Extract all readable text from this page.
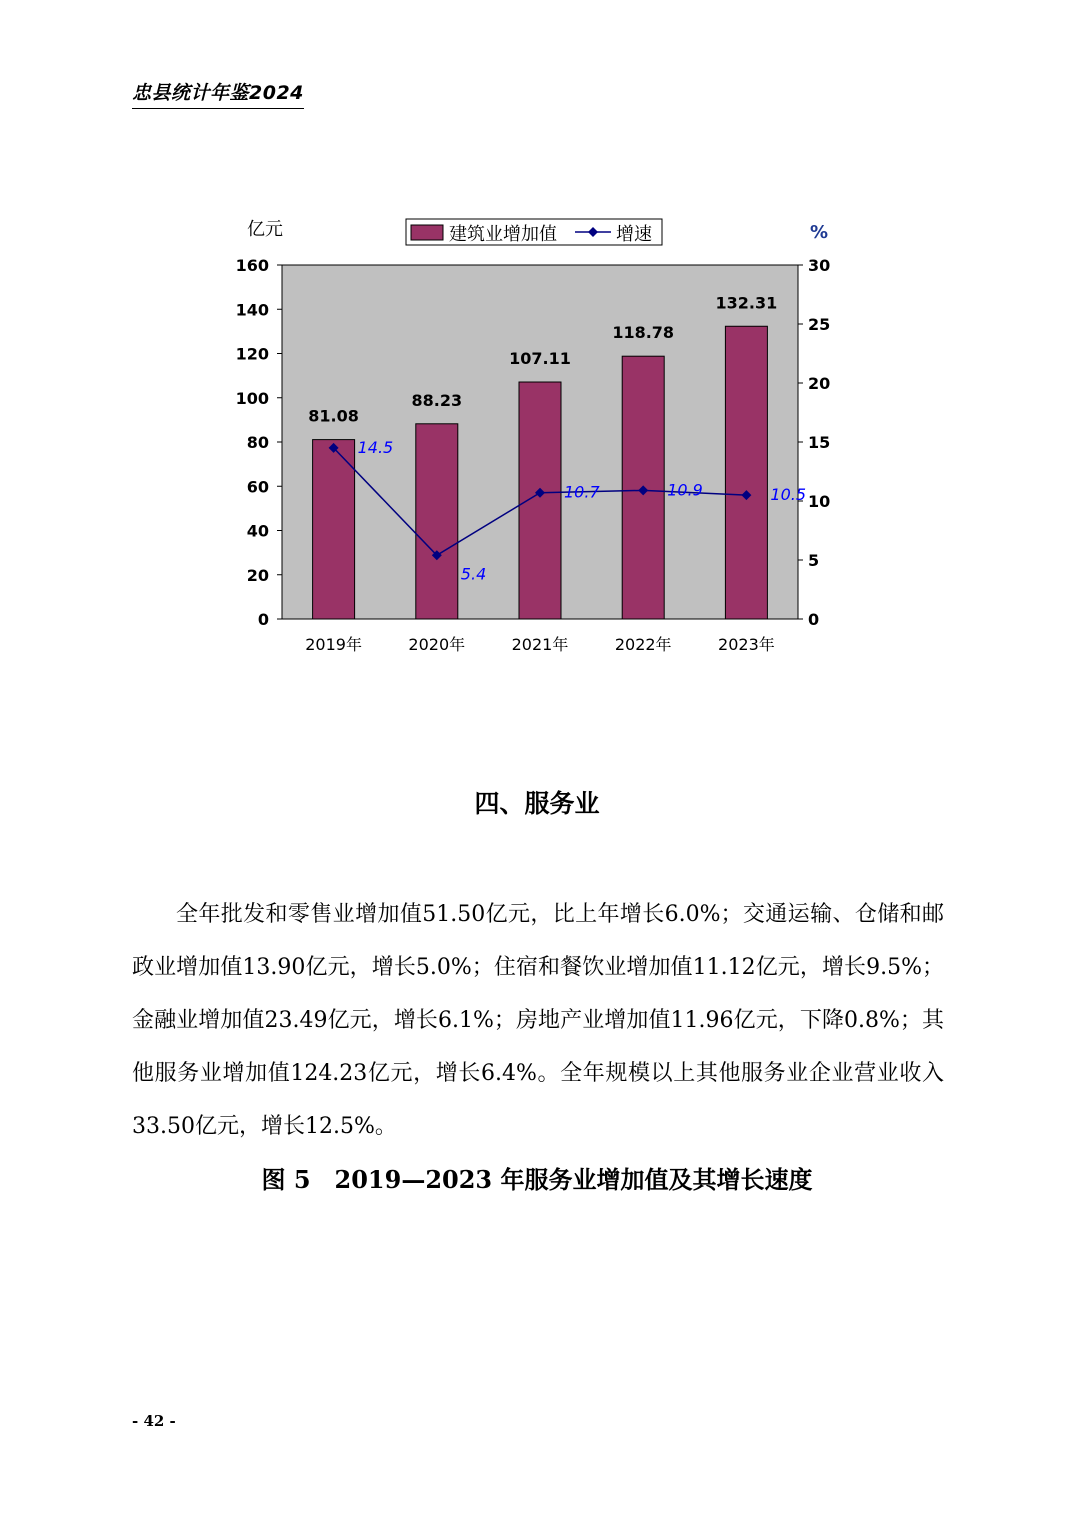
忠县统计年鉴2024
0
20
40
60
80
100
120
140
160
0
5
10
15
20
25
30
81.08
88.23
107.11
118.78
132.31
14.5
5.4
10.7	10.9	10.5
2019年	2020年	2021年	2022年	2023年
建筑业增加值	增速
亿元	%
四、服务业

全年批发和零售业增加值51.50亿元，比上年增长6.0%；交通运输、仓储和邮政业增加值13.90亿元，增长5.0%；住宿和餐饮业增加值11.12亿元，增长9.5%；金融业增加值23.49亿元，增长6.1%；房地产业增加值11.96亿元，下降0.8%；其他服务业增加值124.23亿元，增长6.4%。全年规模以上其他服务业企业营业收入33.50亿元，增长12.5%。

图 5　2019—2023 年服务业增加值及其增长速度
- 42 -
